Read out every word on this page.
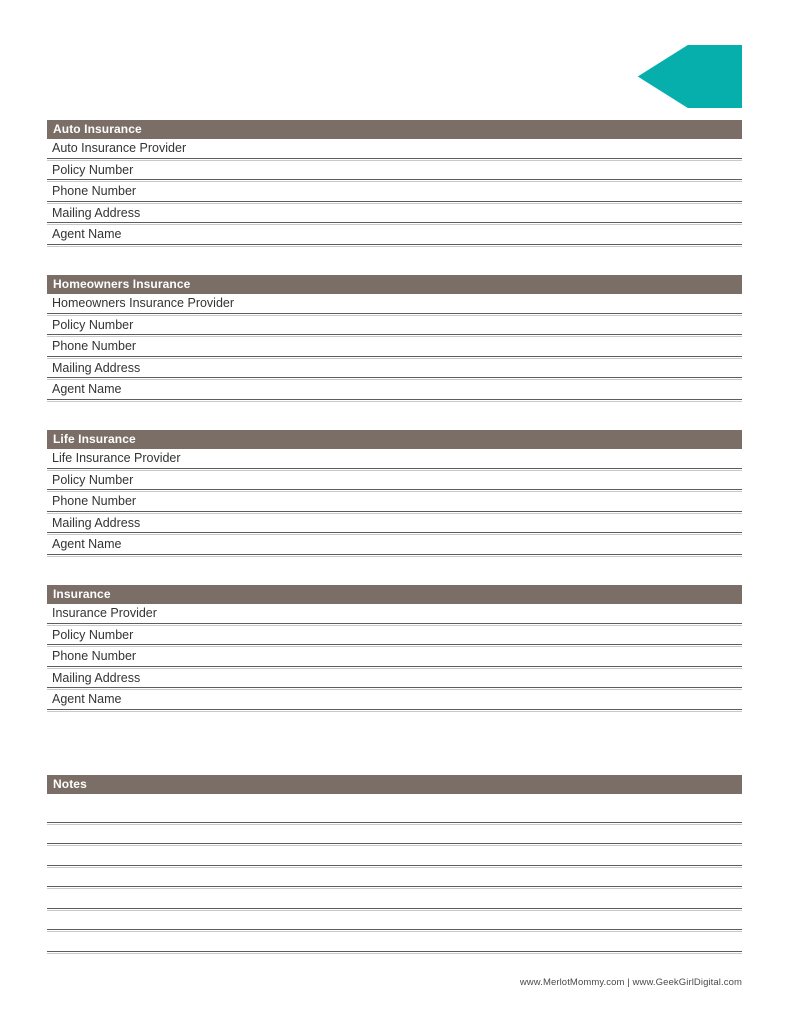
Insurance Information Sheet
Auto Insurance
Auto Insurance Provider
Policy Number
Phone Number
Mailing Address
Agent Name
Homeowners Insurance
Homeowners Insurance Provider
Policy Number
Phone Number
Mailing Address
Agent Name
Life Insurance
Life Insurance Provider
Policy Number
Phone Number
Mailing Address
Agent Name
Insurance
Insurance Provider
Policy Number
Phone Number
Mailing Address
Agent Name
Notes
www.MerlotMommy.com | www.GeekGirlDigital.com
